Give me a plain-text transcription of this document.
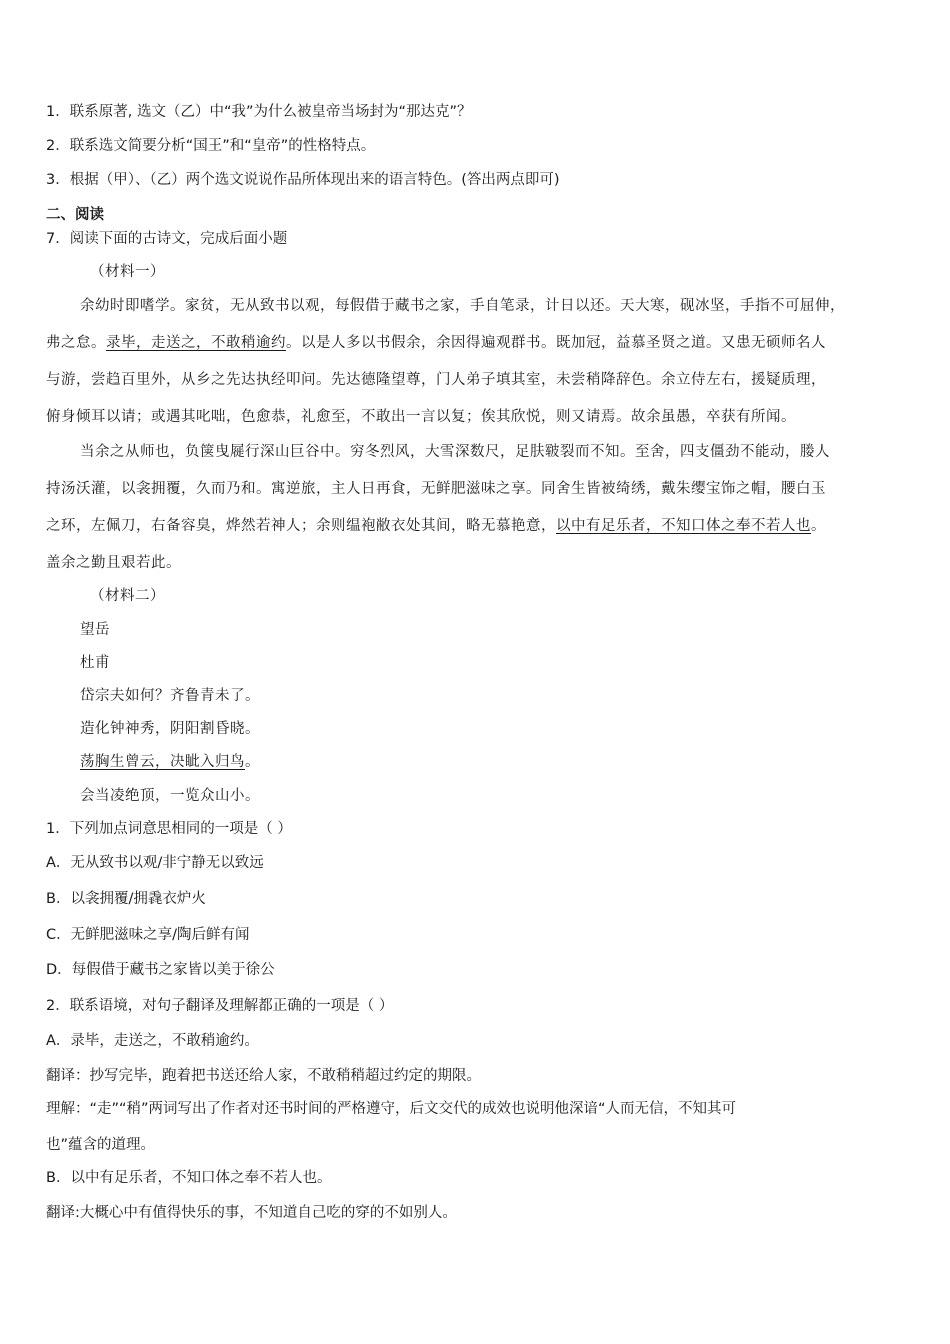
1．联系原著, 选文（乙）中“我”为什么被皇帝当场封为“那达克”？
2．联系选文简要分析“国王”和“皇帝”的性格特点。
3．根据（甲）、（乙）两个选文说说作品所体现出来的语言特色。(答出两点即可)
二、阅读
7．阅读下面的古诗文，完成后面小题
（材料一）
余幼时即嗜学。家贫，无从致书以观，每假借于藏书之家，手自笔录，计日以还。天大寒，砚冰坚，手指不可屈伸，
弗之怠。录毕，走送之，不敢稍逾约。以是人多以书假余，余因得遍观群书。既加冠，益慕圣贤之道。又患无硕师名人
与游，尝趋百里外，从乡之先达执经叩问。先达德隆望尊，门人弟子填其室，未尝稍降辞色。余立侍左右，援疑质理，
俯身倾耳以请；或遇其叱咄，色愈恭，礼愈至，不敢出一言以复；俟其欣悦，则又请焉。故余虽愚，卒获有所闻。
当余之从师也，负箧曳屣行深山巨谷中。穷冬烈风，大雪深数尺，足肤皲裂而不知。至舍，四支僵劲不能动，媵人
持汤沃灌，以衾拥覆，久而乃和。寓逆旅，主人日再食，无鲜肥滋味之享。同舍生皆被绮绣，戴朱缨宝饰之帽，腰白玉
之环，左佩刀，右备容臭，烨然若神人；余则缊袍敝衣处其间，略无慕艳意，以中有足乐者，不知口体之奉不若人也。
盖余之勤且艰若此。
（材料二）
望岳
杜甫
岱宗夫如何？齐鲁青未了。
造化钟神秀，阴阳割昏晓。
荡胸生曾云，决眦入归鸟。
会当凌绝顶，一览众山小。
1．下列加点词意思相同的一项是（ ）
A．无从致书以观/非宁静无以致远
B．以衾拥覆/拥毳衣炉火
C．无鲜肥滋味之享/陶后鲜有闻
D．每假借于藏书之家皆以美于徐公
2．联系语境，对句子翻译及理解都正确的一项是（ ）
A．录毕，走送之，不敢稍逾约。
翻译：抄写完毕，跑着把书送还给人家，不敢稍稍超过约定的期限。
理解：“走”“稍”两词写出了作者对还书时间的严格遵守，后文交代的成效也说明他深谙“人而无信，不知其可
也”蕴含的道理。
B．以中有足乐者，不知口体之奉不若人也。
翻译:大概心中有值得快乐的事，不知道自己吃的穿的不如别人。
